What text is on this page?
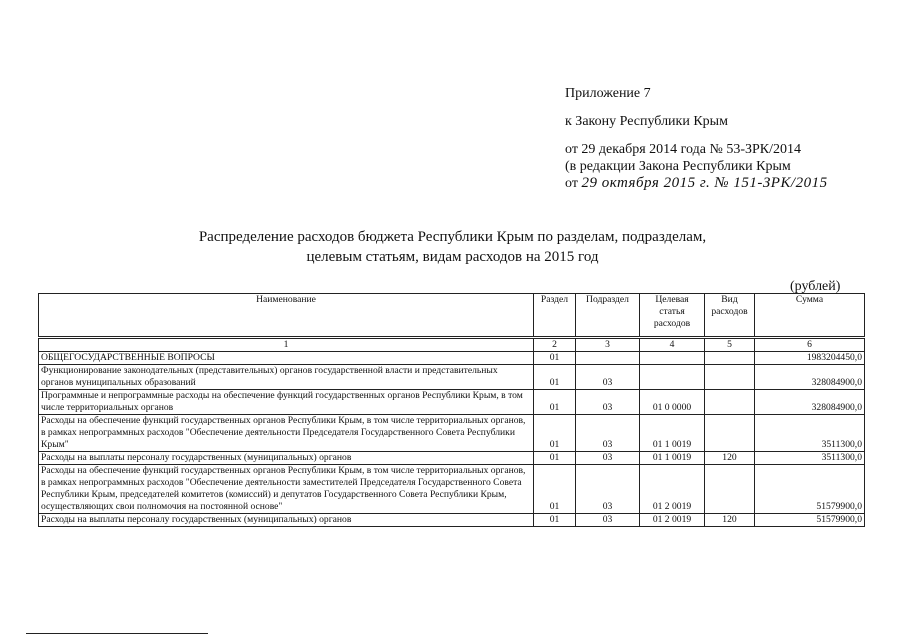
Приложение 7
к Закону Республики Крым
от 29 декабря 2014 года № 53-ЗРК/2014
(в редакции Закона Республики Крым
от 29 октября 2015 г. № 151-ЗРК/2015
Распределение расходов бюджета Республики Крым по разделам, подразделам,
целевым статьям, видам расходов на 2015 год
(рублей)
Наименование	Раздел	Подраздел	Целевая статья расходов	Вид расходов	Сумма
1	2	3	4	5	6
ОБЩЕГОСУДАРСТВЕННЫЕ ВОПРОСЫ	01				1983204450,0
Функционирование законодательных (представительных) органов государственной власти и представительных органов муниципальных образований	01	03			328084900,0
Программные и непрограммные расходы на обеспечение функций государственных органов Республики Крым, в том числе территориальных органов	01	03	01 0 0000		328084900,0
Расходы на обеспечение функций государственных органов Республики Крым, в том числе территориальных органов, в рамках непрограммных расходов "Обеспечение деятельности Председателя Государственного Совета Республики Крым"	01	03	01 1 0019		3511300,0
Расходы на выплаты персоналу государственных (муниципальных) органов	01	03	01 1 0019	120	3511300,0
Расходы на обеспечение функций государственных органов Республики Крым, в том числе территориальных органов, в рамках непрограммных расходов "Обеспечение деятельности заместителей Председателя Государственного Совета Республики Крым, председателей комитетов (комиссий) и депутатов Государственного Совета Республики Крым, осуществляющих свои полномочия на постоянной основе"	01	03	01 2 0019		51579900,0
Расходы на выплаты персоналу государственных (муниципальных) органов	01	03	01 2 0019	120	51579900,0
